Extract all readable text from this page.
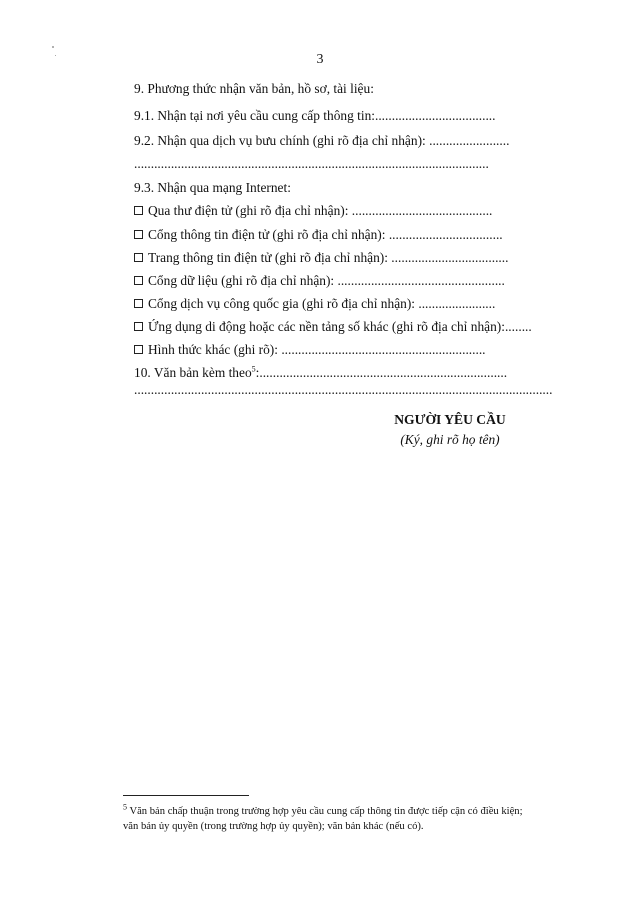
3
9. Phương thức nhận văn bản, hồ sơ, tài liệu:
9.1. Nhận tại nơi yêu cầu cung cấp thông tin:....................................
9.2. Nhận qua dịch vụ bưu chính (ghi rõ địa chỉ nhận): ........................
..........................................................................................................
9.3. Nhận qua mạng Internet:
Qua thư điện tử (ghi rõ địa chỉ nhận): ..........................................
Cổng thông tin điện tử (ghi rõ địa chỉ nhận): ..................................
Trang thông tin điện tử (ghi rõ địa chỉ nhận): ...................................
Cổng dữ liệu (ghi rõ địa chỉ nhận): ..................................................
Cổng dịch vụ công quốc gia (ghi rõ địa chỉ nhận): .......................
Ứng dụng di động hoặc các nền tảng số khác (ghi rõ địa chỉ nhận):........
Hình thức khác (ghi rõ): .............................................................
10. Văn bản kèm theo$^5$:..........................................................................
.............................................................................................................................
NGƯỜI YÊU CẦU
(Ký, ghi rõ họ tên)
$^5$ Văn bản chấp thuận trong trường hợp yêu cầu cung cấp thông tin được tiếp cận có điều kiện;
văn bản ủy quyền (trong trường hợp ủy quyền); văn bản khác (nếu có).
